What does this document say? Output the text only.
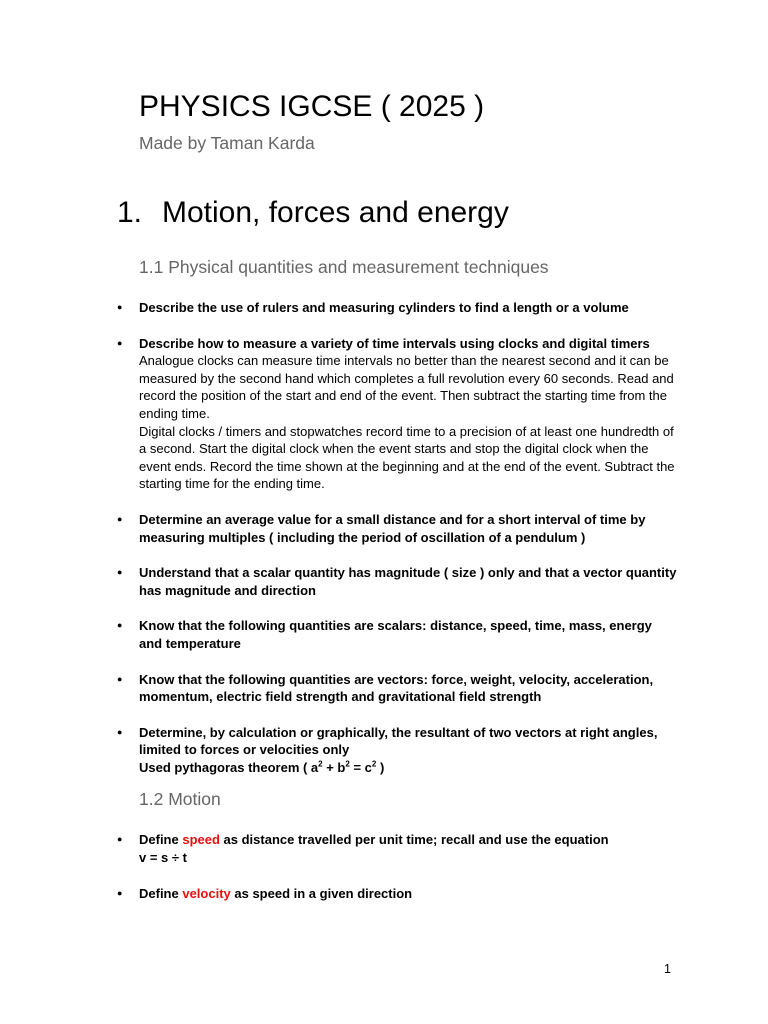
PHYSICS IGCSE ( 2025 )

Made by Taman Karda

1. Motion, forces and energy
1.1 Physical quantities and measurement techniques
● Describe the use of rulers and measuring cylinders to find a length or a volume
● Describe how to measure a variety of time intervals using clocks and digital timers
Analogue clocks can measure time intervals no better than the nearest second and it can be measured by the second hand which completes a full revolution every 60 seconds. Read and record the position of the start and end of the event. Then subtract the starting time from the ending time.
Digital clocks / timers and stopwatches record time to a precision of at least one hundredth of a second. Start the digital clock when the event starts and stop the digital clock when the event ends. Record the time shown at the beginning and at the end of the event. Subtract the starting time for the ending time.
● Determine an average value for a small distance and for a short interval of time by measuring multiples ( including the period of oscillation of a pendulum )
● Understand that a scalar quantity has magnitude ( size ) only and that a vector quantity has magnitude and direction
● Know that the following quantities are scalars: distance, speed, time, mass, energy and temperature
● Know that the following quantities are vectors: force, weight, velocity, acceleration, momentum, electric field strength and gravitational field strength
● Determine, by calculation or graphically, the resultant of two vectors at right angles, limited to forces or velocities only
Used pythagoras theorem ( $a^2 + b^2 = c^2$ )
1.2 Motion
● Define speed as distance travelled per unit time; recall and use the equation
v = s ÷ t
● Define velocity as speed in a given direction
1
